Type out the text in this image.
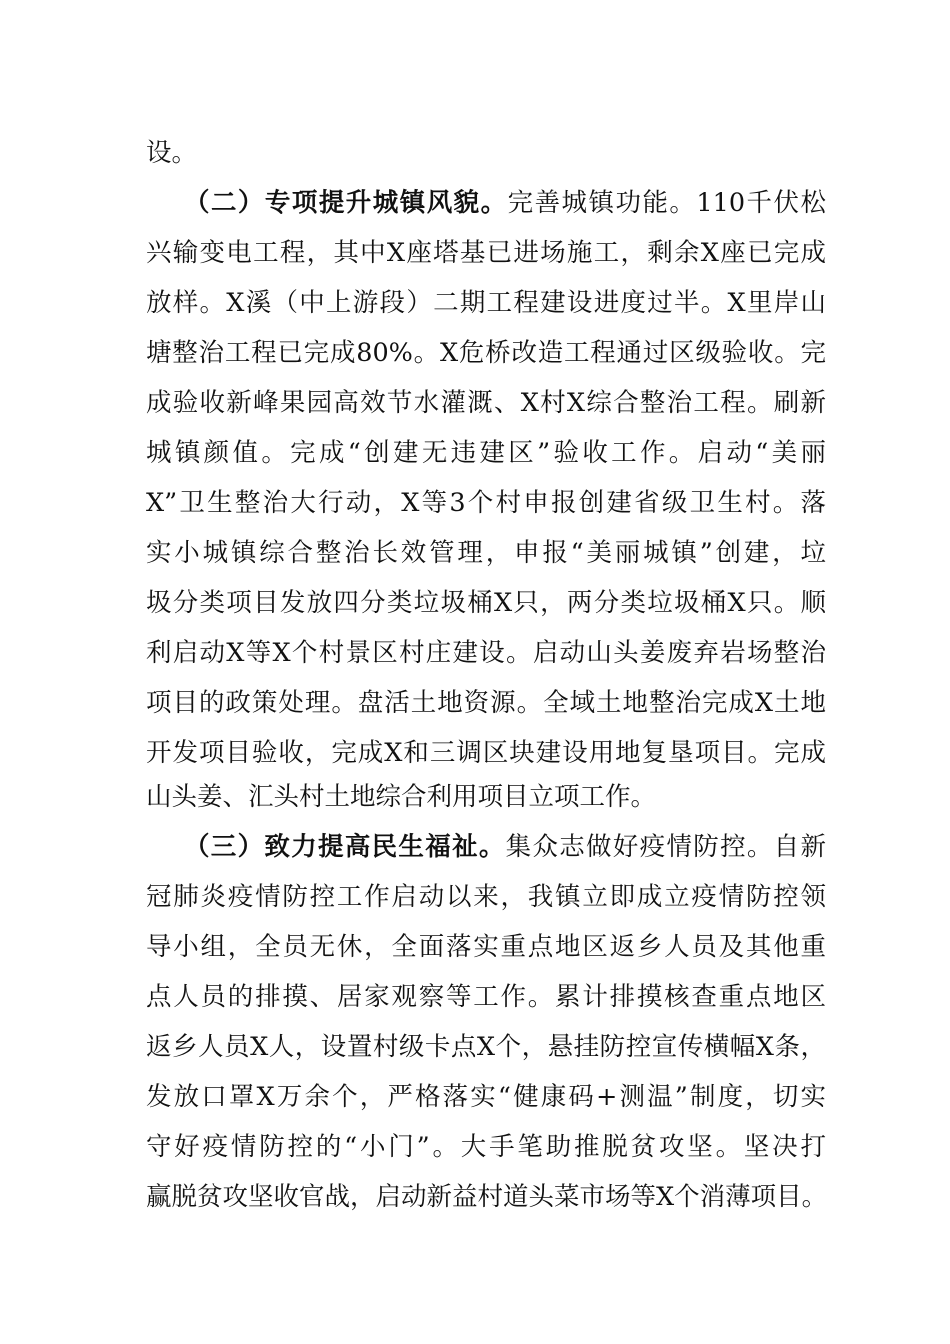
设。
（二）专项提升城镇风貌。完善城镇功能。110千伏松
兴输变电工程，其中X座塔基已进场施工，剩余X座已完成
放样。X溪（中上游段）二期工程建设进度过半。X里岸山
塘整治工程已完成80%。X危桥改造工程通过区级验收。完
成验收新峰果园高效节水灌溉、X村X综合整治工程。刷新
城镇颜值。完成“创建无违建区”验收工作。启动“美丽
X”卫生整治大行动，X等3个村申报创建省级卫生村。落
实小城镇综合整治长效管理，申报“美丽城镇”创建，垃
圾分类项目发放四分类垃圾桶X只，两分类垃圾桶X只。顺
利启动X等X个村景区村庄建设。启动山头姜废弃岩场整治
项目的政策处理。盘活土地资源。全域土地整治完成X土地
开发项目验收，完成X和三调区块建设用地复垦项目。完成
山头姜、汇头村土地综合利用项目立项工作。
（三）致力提高民生福祉。集众志做好疫情防控。自新
冠肺炎疫情防控工作启动以来，我镇立即成立疫情防控领
导小组，全员无休，全面落实重点地区返乡人员及其他重
点人员的排摸、居家观察等工作。累计排摸核查重点地区
返乡人员X人，设置村级卡点X个，悬挂防控宣传横幅X条，
发放口罩X万余个，严格落实“健康码+测温”制度，切实
守好疫情防控的“小门”。大手笔助推脱贫攻坚。坚决打
赢脱贫攻坚收官战，启动新益村道头菜市场等X个消薄项目。
